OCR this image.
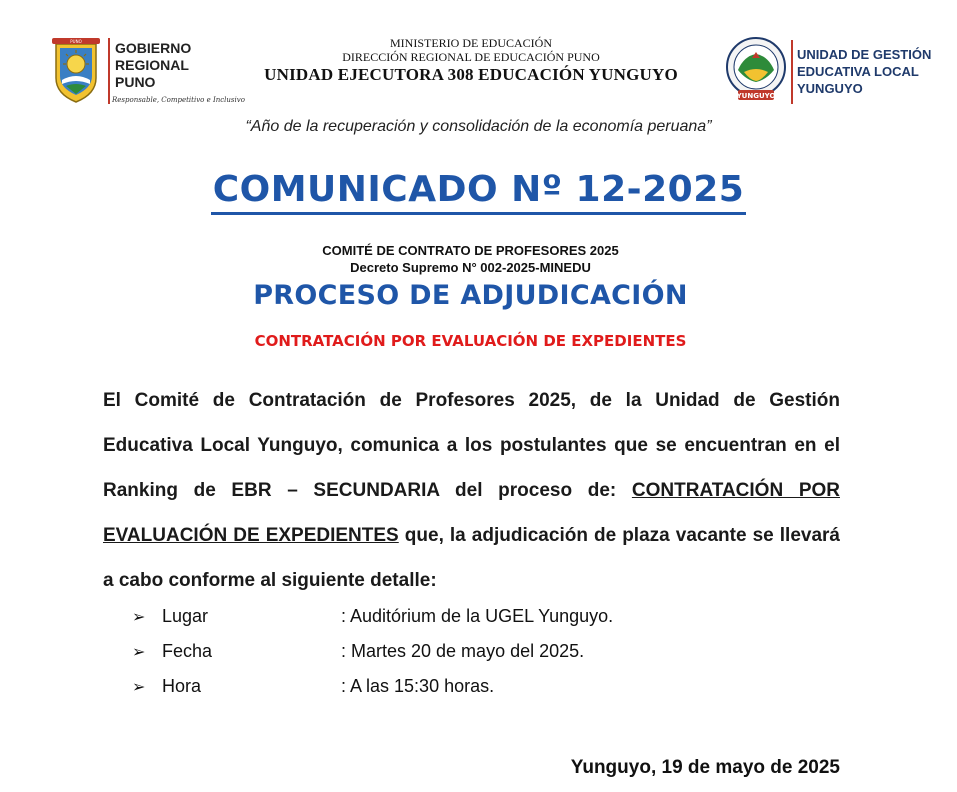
PUNO GOBIERNO
REGIONAL
PUNO
Responsable, Competitivo e Inclusivo
MINISTERIO DE EDUCACIÓN
DIRECCIÓN REGIONAL DE EDUCACIÓN PUNO
UNIDAD EJECUTORA 308 EDUCACIÓN YUNGUYO
YUNGUYO
UNIDAD DE GESTIÓN
EDUCATIVA LOCAL
YUNGUYO
“Año de la recuperación y consolidación de la economía peruana”
COMUNICADO Nº 12-2025
COMITÉ DE CONTRATO DE PROFESORES 2025
Decreto Supremo N° 002-2025-MINEDU
PROCESO DE ADJUDICACIÓN
CONTRATACIÓN POR EVALUACIÓN DE EXPEDIENTES

El Comité de Contratación de Profesores 2025, de la Unidad de Gestión Educativa Local Yunguyo, comunica a los postulantes que se encuentran en el Ranking de EBR – SECUNDARIA del proceso de: CONTRATACIÓN POR EVALUACIÓN DE EXPEDIENTES que, la adjudicación de plaza vacante se llevará a cabo conforme al siguiente detalle:

➢ Lugar	: Auditórium de la UGEL Yunguyo.
➢ Fecha	: Martes 20 de mayo del 2025.
➢ Hora	: A las 15:30 horas.
Yunguyo, 19 de mayo de 2025
